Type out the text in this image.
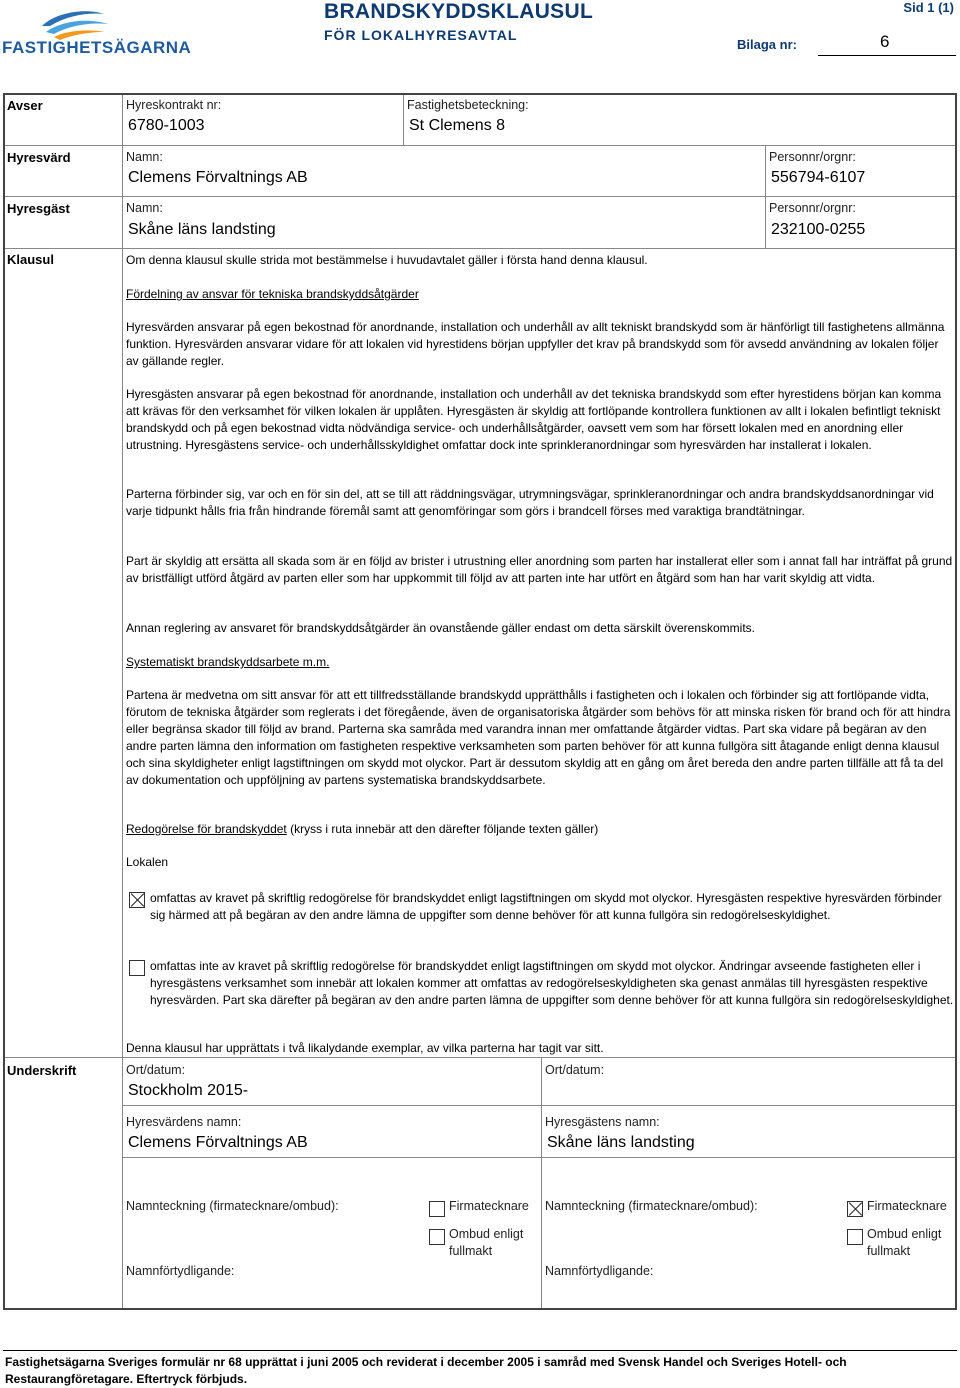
FASTIGHETSÄGARNA
BRANDSKYDDSKLAUSUL
FÖR LOKALHYRESAVTAL
Sid 1 (1)
Bilaga nr:	6
Avser	Hyreskontrakt nr:
6780-1003
Fastighetsbeteckning:
St Clemens 8
Hyresvärd	Namn:
Clemens Förvaltnings AB
Personnr/orgnr:
556794-6107
Hyresgäst	Namn:
Skåne läns landsting
Personnr/orgnr:
232100-0255
Klausul	Om denna klausul skulle strida mot bestämmelse i huvudavtalet gäller i första hand denna klausul.
Fördelning av ansvar för tekniska brandskyddsåtgärder
Hyresvärden ansvarar på egen bekostnad för anordnande, installation och underhåll av allt tekniskt brandskydd som är hänförligt till fastighetens allmänna funktion. Hyresvärden ansvarar vidare för att lokalen vid hyrestidens början uppfyller det krav på brandskydd som för avsedd användning av lokalen följer av gällande regler.
Hyresgästen ansvarar på egen bekostnad för anordnande, installation och underhåll av det tekniska brandskydd som efter hyrestidens början kan komma att krävas för den verksamhet för vilken lokalen är upplåten. Hyresgästen är skyldig att fortlöpande kontrollera funktionen av allt i lokalen befintligt tekniskt brandskydd och på egen bekostnad vidta nödvändiga service- och underhållsåtgärder, oavsett vem som har försett lokalen med en anordning eller utrustning. Hyresgästens service- och underhållsskyldighet omfattar dock inte sprinkleranordningar som hyresvärden har installerat i lokalen.
Parterna förbinder sig, var och en för sin del, att se till att räddningsvägar, utrymningsvägar, sprinkleranordningar och andra brandskyddsanordningar vid varje tidpunkt hålls fria från hindrande föremål samt att genomföringar som görs i brandcell förses med varaktiga brandtätningar.
Part är skyldig att ersätta all skada som är en följd av brister i utrustning eller anordning som parten har installerat eller som i annat fall har inträffat på grund av bristfälligt utförd åtgärd av parten eller som har uppkommit till följd av att parten inte har utfört en åtgärd som han har varit skyldig att vidta.
Annan reglering av ansvaret för brandskyddsåtgärder än ovanstående gäller endast om detta särskilt överenskommits.
Systematiskt brandskyddsarbete m.m.
Partena är medvetna om sitt ansvar för att ett tillfredsställande brandskydd upprätthålls i fastigheten och i lokalen och förbinder sig att fortlöpande vidta, förutom de tekniska åtgärder som reglerats i det föregående, även de organisatoriska åtgärder som behövs för att minska risken för brand och för att hindra eller begränsa skador till följd av brand. Parterna ska samråda med varandra innan mer omfattande åtgärder vidtas. Part ska vidare på begäran av den andre parten lämna den information om fastigheten respektive verksamheten som parten behöver för att kunna fullgöra sitt åtagande enligt denna klausul och sina skyldigheter enligt lagstiftningen om skydd mot olyckor. Part är dessutom skyldig att en gång om året bereda den andre parten tillfälle att få ta del av dokumentation och uppföljning av partens systematiska brandskyddsarbete.
Redogörelse för brandskyddet (kryss i ruta innebär att den därefter följande texten gäller)
Lokalen
omfattas av kravet på skriftlig redogörelse för brandskyddet enligt lagstiftningen om skydd mot olyckor. Hyresgästen respektive hyresvärden förbinder sig härmed att på begäran av den andre lämna de uppgifter som denne behöver för att kunna fullgöra sin redogörelseskyldighet.
omfattas inte av kravet på skriftlig redogörelse för brandskyddet enligt lagstiftningen om skydd mot olyckor. Ändringar avseende fastigheten eller i hyresgästens verksamhet som innebär att lokalen kommer att omfattas av redogörelseskyldigheten ska genast anmälas till hyresgästen respektive hyresvärden. Part ska därefter på begäran av den andre parten lämna de uppgifter som denne behöver för att kunna fullgöra sin redogörelseskyldighet.
Denna klausul har upprättats i två likalydande exemplar, av vilka parterna har tagit var sitt.
Underskrift	Ort/datum:
Stockholm 2015-
Ort/datum:
Hyresvärdens namn:
Clemens Förvaltnings AB
Hyresgästens namn:
Skåne läns landsting
Namnteckning (firmatecknare/ombud):	Firmatecknare
Ombud enligt fullmakt
Namnteckning (firmatecknare/ombud):	Firmatecknare
Ombud enligt fullmakt
Namnförtydligande:	Namnförtydligande:
Fastighetsägarna Sveriges formulär nr 68 upprättat i juni 2005 och reviderat i december 2005 i samråd med Svensk Handel och Sveriges Hotell- och Restaurangföretagare. Eftertryck förbjuds.
